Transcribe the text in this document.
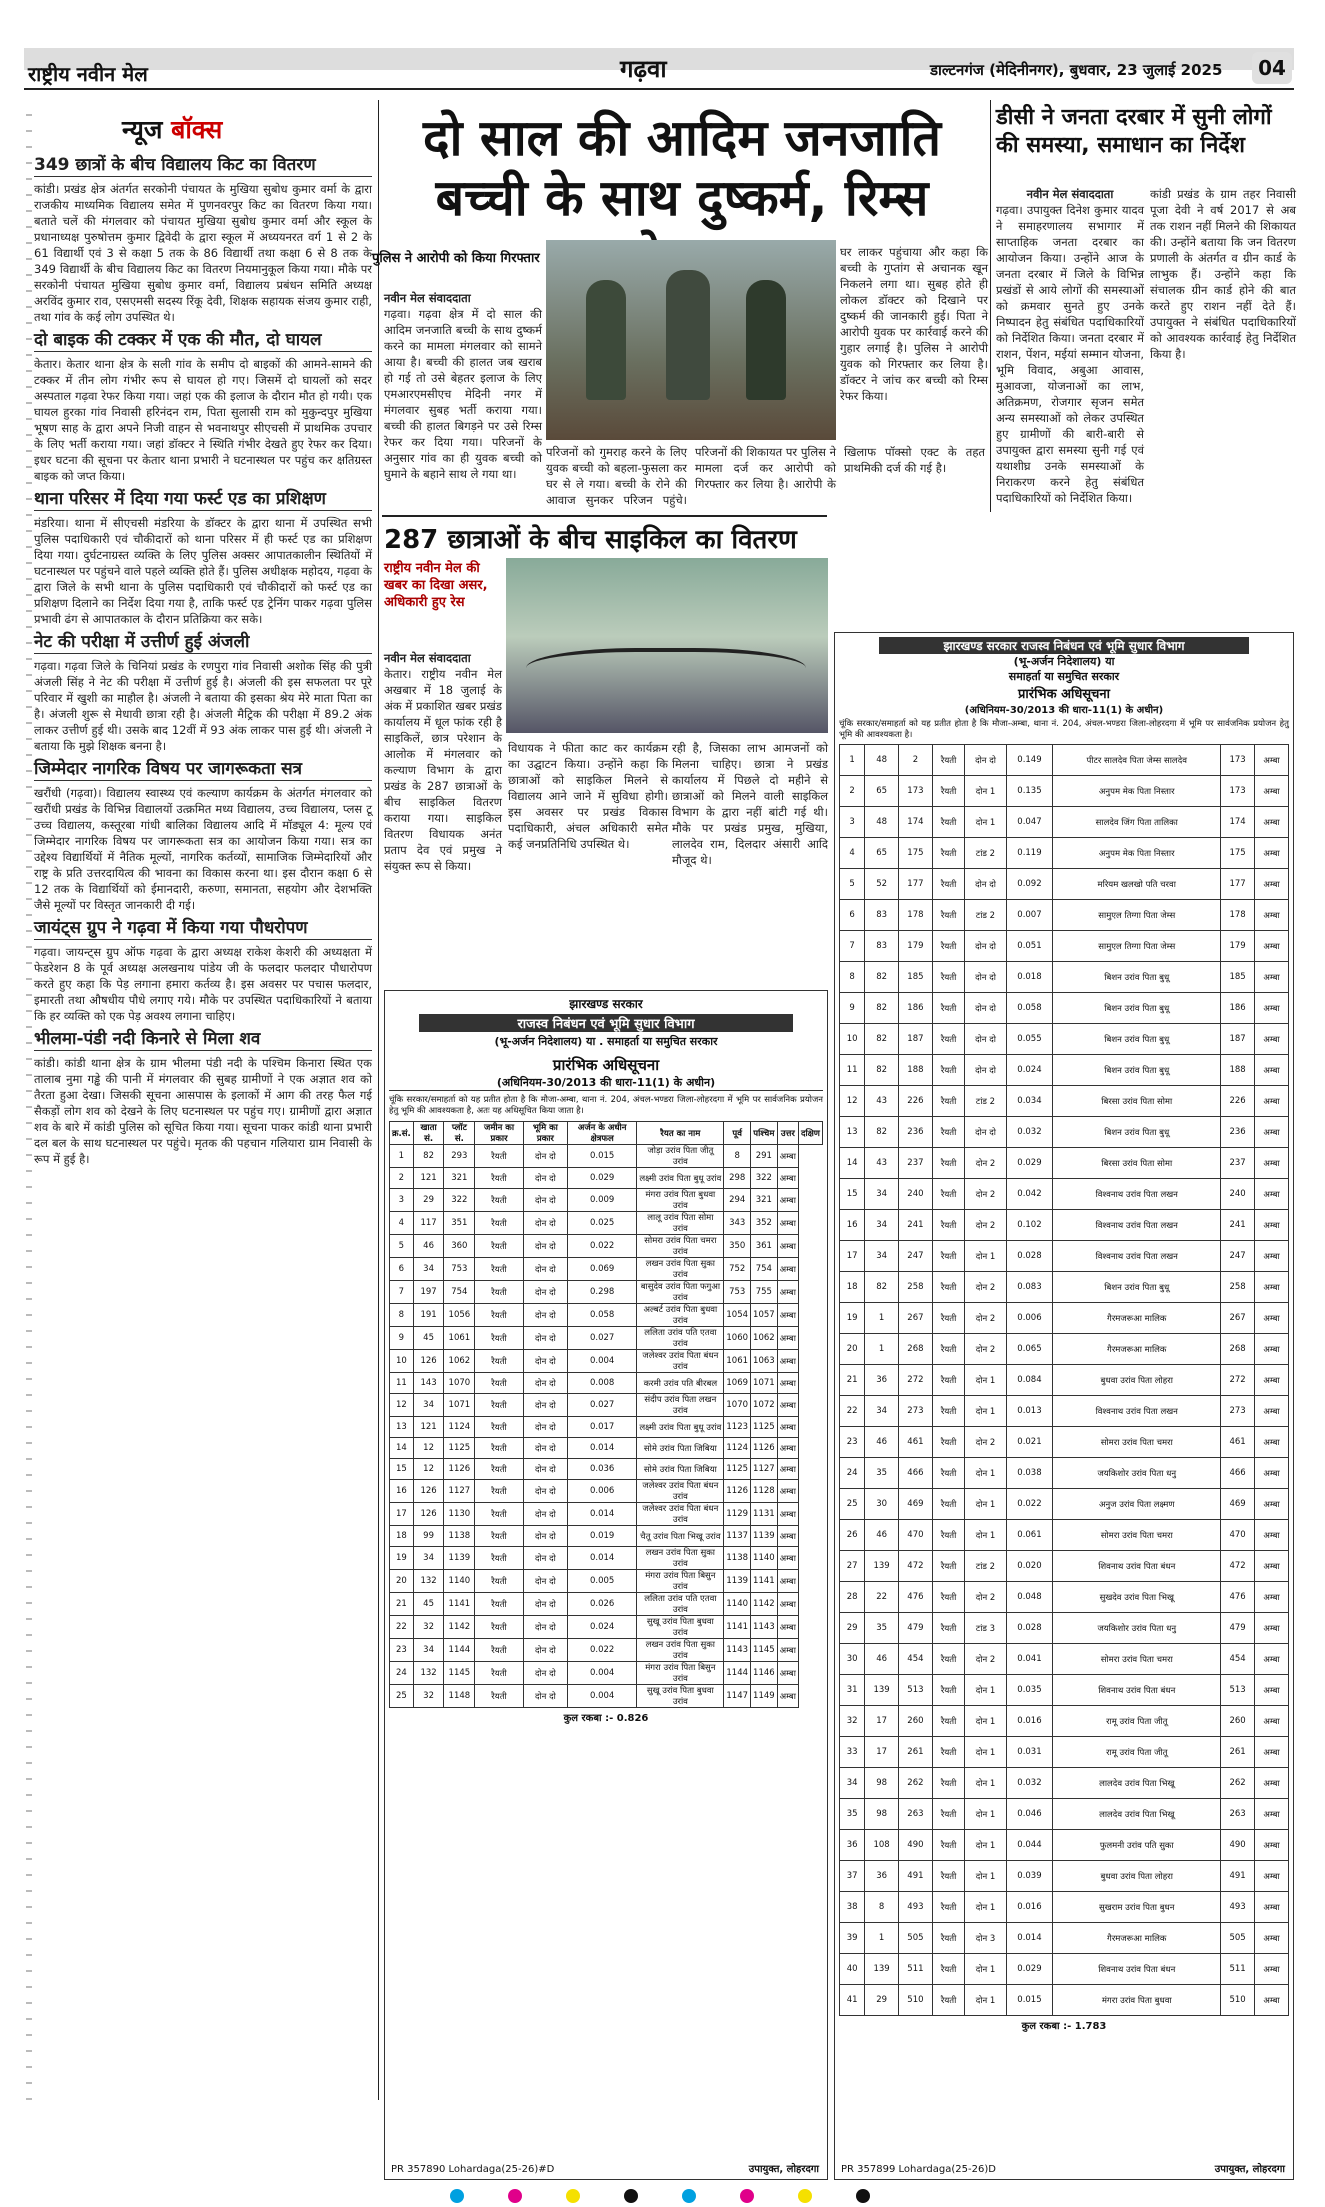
राष्ट्रीय नवीन मेल	गढ़वा	डाल्टनगंज (मेदिनीनगर), बुधवार, 23 जुलाई 2025	04
न्यूज बॉक्स
349 छात्रों के बीच विद्यालय किट का वितरण
कांडी। प्रखंड क्षेत्र अंतर्गत सरकोनी पंचायत के मुखिया सुबोध कुमार वर्मा के द्वारा राजकीय माध्यमिक विद्यालय समेत में पुणनवरपुर किट का वितरण किया गया। बताते चलें की मंगलवार को पंचायत मुखिया सुबोध कुमार वर्मा और स्कूल के प्रधानाध्यक्ष पुरुषोत्तम कुमार द्विवेदी के द्वारा स्कूल में अध्ययनरत वर्ग 1 से 2 के 61 विद्यार्थी एवं 3 से कक्षा 5 तक के 86 विद्यार्थी तथा कक्षा 6 से 8 तक के 349 विद्यार्थी के बीच विद्यालय किट का वितरण नियमानुकूल किया गया। मौके पर सरकोनी पंचायत मुखिया सुबोध कुमार वर्मा, विद्यालय प्रबंधन समिति अध्यक्ष अरविंद कुमार राव, एसएमसी सदस्य रिंकू देवी, शिक्षक सहायक संजय कुमार राही, तथा गांव के कई लोग उपस्थित थे।
दो बाइक की टक्कर में एक की मौत, दो घायल
केतार। केतार थाना क्षेत्र के सली गांव के समीप दो बाइकों की आमने-सामने की टक्कर में तीन लोग गंभीर रूप से घायल हो गए। जिसमें दो घायलों को सदर अस्पताल गढ़वा रेफर किया गया। जहां एक की इलाज के दौरान मौत हो गयी। एक घायल हुरका गांव निवासी हरिनंदन राम, पिता सुलासी राम को मुकुन्दपुर मुखिया भूषण साह के द्वारा अपने निजी वाहन से भवनाथपुर सीएचसी में प्राथमिक उपचार के लिए भर्ती कराया गया। जहां डॉक्टर ने स्थिति गंभीर देखते हुए रेफर कर दिया। इधर घटना की सूचना पर केतार थाना प्रभारी ने घटनास्थल पर पहुंच कर क्षतिग्रस्त बाइक को जप्त किया।
थाना परिसर में दिया गया फर्स्ट एड का प्रशिक्षण
मंडरिया। थाना में सीएचसी मंडरिया के डॉक्टर के द्वारा थाना में उपस्थित सभी पुलिस पदाधिकारी एवं चौकीदारों को थाना परिसर में ही फर्स्ट एड का प्रशिक्षण दिया गया। दुर्घटनाग्रस्त व्यक्ति के लिए पुलिस अक्सर आपातकालीन स्थितियों में घटनास्थल पर पहुंचने वाले पहले व्यक्ति होते हैं। पुलिस अधीक्षक महोदय, गढ़वा के द्वारा जिले के सभी थाना के पुलिस पदाधिकारी एवं चौकीदारों को फर्स्ट एड का प्रशिक्षण दिलाने का निर्देश दिया गया है, ताकि फर्स्ट एड ट्रेनिंग पाकर गढ़वा पुलिस प्रभावी ढंग से आपातकाल के दौरान प्रतिक्रिया कर सके।
नेट की परीक्षा में उत्तीर्ण हुई अंजली
गढ़वा। गढ़वा जिले के चिनियां प्रखंड के रणपुरा गांव निवासी अशोक सिंह की पुत्री अंजली सिंह ने नेट की परीक्षा में उत्तीर्ण हुई है। अंजली की इस सफलता पर पूरे परिवार में खुशी का माहौल है। अंजली ने बताया की इसका श्रेय मेरे माता पिता का है। अंजली शुरू से मेधावी छात्रा रही है। अंजली मैट्रिक की परीक्षा में 89.2 अंक लाकर उत्तीर्ण हुई थी। उसके बाद 12वीं में 93 अंक लाकर पास हुई थी। अंजली ने बताया कि मुझे शिक्षक बनना है।
जिम्मेदार नागरिक विषय पर जागरूकता सत्र
खरौंधी (गढ़वा)। विद्यालय स्वास्थ्य एवं कल्याण कार्यक्रम के अंतर्गत मंगलवार को खरौंधी प्रखंड के विभिन्न विद्यालयों उत्क्रमित मध्य विद्यालय, उच्च विद्यालय, प्लस टू उच्च विद्यालय, कस्तूरबा गांधी बालिका विद्यालय आदि में मॉड्यूल 4: मूल्य एवं जिम्मेदार नागरिक विषय पर जागरूकता सत्र का आयोजन किया गया। सत्र का उद्देश्य विद्यार्थियों में नैतिक मूल्यों, नागरिक कर्तव्यों, सामाजिक जिम्मेदारियों और राष्ट्र के प्रति उत्तरदायित्व की भावना का विकास करना था। इस दौरान कक्षा 6 से 12 तक के विद्यार्थियों को ईमानदारी, करुणा, समानता, सहयोग और देशभक्ति जैसे मूल्यों पर विस्तृत जानकारी दी गई।
जायंट्स ग्रुप ने गढ़वा में किया गया पौधरोपण
गढ़वा। जायन्ट्स ग्रुप ऑफ गढ़वा के द्वारा अध्यक्ष राकेश केशरी की अध्यक्षता में फेडरेशन 8 के पूर्व अध्यक्ष अलखनाथ पांडेय जी के फलदार फलदार पौधारोपण करते हुए कहा कि पेड़ लगाना हमारा कर्तव्य है। इस अवसर पर पचास फलदार, इमारती तथा औषधीय पौधे लगाए गये। मौके पर उपस्थित पदाधिकारियों ने बताया कि हर व्यक्ति को एक पेड़ अवश्य लगाना चाहिए।
भीलमा-पंडी नदी किनारे से मिला शव
कांडी। कांडी थाना क्षेत्र के ग्राम भीलमा पंडी नदी के पश्चिम किनारा स्थित एक तालाब नुमा गड्ढे की पानी में मंगलवार की सुबह ग्रामीणों ने एक अज्ञात शव को तैरता हुआ देखा। जिसकी सूचना आसपास के इलाकों में आग की तरह फैल गई सैकड़ों लोग शव को देखने के लिए घटनास्थल पर पहुंच गए। ग्रामीणों द्वारा अज्ञात शव के बारे में कांडी पुलिस को सूचित किया गया। सूचना पाकर कांडी थाना प्रभारी दल बल के साथ घटनास्थल पर पहुंचे। मृतक की पहचान गलियारा ग्राम निवासी के रूप में हुई है।
दो साल की आदिम जनजाति
बच्ची के साथ दुष्कर्म, रिम्स
पुलिस ने आरोपी को किया गिरफ्तार
नवीन मेल संवाददाता
गढ़वा। गढ़वा क्षेत्र में दो साल की आदिम जनजाति बच्ची के साथ दुष्कर्म करने का मामला मंगलवार को सामने आया है। बच्ची की हालत जब खराब हो गई तो उसे बेहतर इलाज के लिए एमआरएमसीएच मेदिनी नगर में मंगलवार सुबह भर्ती कराया गया। बच्ची की हालत बिगड़ने पर उसे रिम्स रेफर कर दिया गया। परिजनों के अनुसार गांव का ही युवक बच्ची को घुमाने के बहाने साथ ले गया था।
परिजनों को गुमराह करने के लिए युवक बच्ची को बहला-फुसला कर घर से ले गया। बच्ची के रोने की आवाज सुनकर परिजन पहुंचे। परिजनों की शिकायत पर पुलिस ने मामला दर्ज कर आरोपी को गिरफ्तार कर लिया है। आरोपी के खिलाफ पॉक्सो एक्ट के तहत प्राथमिकी दर्ज की गई है।
घर लाकर पहुंचाया और कहा कि बच्ची के गुप्तांग से अचानक खून निकलने लगा था। सुबह होते ही लोकल डॉक्टर को दिखाने पर दुष्कर्म की जानकारी हुई। पिता ने आरोपी युवक पर कार्रवाई करने की गुहार लगाई है। पुलिस ने आरोपी युवक को गिरफ्तार कर लिया है। डॉक्टर ने जांच कर बच्ची को रिम्स रेफर किया।
डीसी ने जनता दरबार में सुनी लोगों की समस्या, समाधान का निर्देश
नवीन मेल संवाददाता
गढ़वा। उपायुक्त दिनेश कुमार यादव ने समाहरणालय सभागार में साप्ताहिक जनता दरबार का आयोजन किया। उन्होंने आज के जनता दरबार में जिले के विभिन्न प्रखंडों से आये लोगों की समस्याओं को क्रमवार सुनते हुए उनके निष्पादन हेतु संबंधित पदाधिकारियों को निर्देशित किया। जनता दरबार में राशन, पेंशन, मईयां सम्मान योजना, भूमि विवाद, अबुआ आवास, मुआवजा, योजनाओं का लाभ, अतिक्रमण, रोजगार सृजन समेत अन्य समस्याओं को लेकर उपस्थित हुए ग्रामीणों की बारी-बारी से उपायुक्त द्वारा समस्या सुनी गई एवं यथाशीघ्र उनके समस्याओं के निराकरण करने हेतु संबंधित पदाधिकारियों को निर्देशित किया।
कांडी प्रखंड के ग्राम तहर निवासी पूजा देवी ने वर्ष 2017 से अब तक राशन नहीं मिलने की शिकायत की। उन्होंने बताया कि जन वितरण प्रणाली के अंतर्गत व ग्रीन कार्ड के लाभुक हैं। उन्होंने कहा कि संचालक ग्रीन कार्ड होने की बात करते हुए राशन नहीं देते हैं। उपायुक्त ने संबंधित पदाधिकारियों को आवश्यक कार्रवाई हेतु निर्देशित किया है।
287 छात्राओं के बीच साइकिल का वितरण
राष्ट्रीय नवीन मेल की खबर का दिखा असर, अधिकारी हुए रेस
नवीन मेल संवाददाता
केतार। राष्ट्रीय नवीन मेल अखबार में 18 जुलाई के अंक में प्रकाशित खबर प्रखंड कार्यालय में धूल फांक रही है साइकिलें, छात्र परेशान के आलोक में मंगलवार को कल्याण विभाग के द्वारा प्रखंड के 287 छात्राओं के बीच साइकिल वितरण कराया गया। साइकिल वितरण विधायक अनंत प्रताप देव एवं प्रमुख ने संयुक्त रूप से किया।
विधायक ने फीता काट कर कार्यक्रम का उद्घाटन किया। उन्होंने कहा कि छात्राओं को साइकिल मिलने से विद्यालय आने जाने में सुविधा होगी। इस अवसर पर प्रखंड विकास पदाधिकारी, अंचल अधिकारी समेत कई जनप्रतिनिधि उपस्थित थे।
रही है, जिसका लाभ आमजनों को मिलना चाहिए। छात्रा ने प्रखंड कार्यालय में पिछले दो महीने से छात्राओं को मिलने वाली साइकिल विभाग के द्वारा नहीं बांटी गई थी। मौके पर प्रखंड प्रमुख, मुखिया, लालदेव राम, दिलदार अंसारी आदि मौजूद थे।
झारखण्ड सरकार
राजस्व निबंधन एवं भूमि सुधार विभाग
(भू-अर्जन निदेशालय) या . समाहर्ता या समुचित सरकार
प्रारंभिक अधिसूचना
(अधिनियम-30/2013 की धारा-11(1) के अधीन)
चूंकि सरकार/समाहर्ता को यह प्रतीत होता है कि मौजा-अम्बा, थाना नं. 204, अंचल-भण्डरा जिला-लोहरदगा में भूमि पर सार्वजनिक प्रयोजन हेतु भूमि की आवश्यकता है, अतः यह अधिसूचित किया जाता है।
क्र.सं.	खाता सं.	प्लॉट सं.	जमीन का प्रकार	भूमि का प्रकार	अर्जन के अधीन क्षेत्रफल	रैयत का नाम	पूर्व	पश्चिम	उत्तर	दक्षिण
1	82	293	रैयती	दोन दो	0.015	जोड़ा उरांव पिता जीतू उरांव	8	291	अम्बा	
2	121	321	रैयती	दोन दो	0.029	लक्ष्मी उरांव पिता बुधू उरांव	298	322	अम्बा	
3	29	322	रैयती	दोन दो	0.009	मंगरा उरांव पिता बुधवा उरांव	294	321	अम्बा	
4	117	351	रैयती	दोन दो	0.025	लालू उरांव पिता सोमा उरांव	343	352	अम्बा	
5	46	360	रैयती	दोन दो	0.022	सोमरा उरांव पिता चमरा उरांव	350	361	अम्बा	
6	34	753	रैयती	दोन दो	0.069	लखन उरांव पिता सुका उरांव	752	754	अम्बा	
7	197	754	रैयती	दोन दो	0.298	बासुदेव उरांव पिता फगुआ उरांव	753	755	अम्बा	
8	191	1056	रैयती	दोन दो	0.058	अल्बर्ट उरांव पिता बुधवा उरांव	1054	1057	अम्बा	
9	45	1061	रैयती	दोन दो	0.027	ललिता उरांव पति एतवा उरांव	1060	1062	अम्बा	
10	126	1062	रैयती	दोन दो	0.004	जलेश्वर उरांव पिता बंधन उरांव	1061	1063	अम्बा	
11	143	1070	रैयती	दोन दो	0.008	करमी उरांव पति बीरबल	1069	1071	अम्बा	
12	34	1071	रैयती	दोन दो	0.027	संदीप उरांव पिता लखन उरांव	1070	1072	अम्बा	
13	121	1124	रैयती	दोन दो	0.017	लक्ष्मी उरांव पिता बुधू उरांव	1123	1125	अम्बा	
14	12	1125	रैयती	दोन दो	0.014	सोमे उरांव पिता जिबिया	1124	1126	अम्बा	
15	12	1126	रैयती	दोन दो	0.036	सोमे उरांव पिता जिबिया	1125	1127	अम्बा	
16	126	1127	रैयती	दोन दो	0.006	जलेश्वर उरांव पिता बंधन उरांव	1126	1128	अम्बा	
17	126	1130	रैयती	दोन दो	0.014	जलेश्वर उरांव पिता बंधन उरांव	1129	1131	अम्बा	
18	99	1138	रैयती	दोन दो	0.019	चैतू उरांव पिता भिखू उरांव	1137	1139	अम्बा	
19	34	1139	रैयती	दोन दो	0.014	लखन उरांव पिता सुका उरांव	1138	1140	अम्बा	
20	132	1140	रैयती	दोन दो	0.005	मंगरा उरांव पिता बिसुन उरांव	1139	1141	अम्बा	
21	45	1141	रैयती	दोन दो	0.026	ललिता उरांव पति एतवा उरांव	1140	1142	अम्बा	
22	32	1142	रैयती	दोन दो	0.024	सुखू उरांव पिता बुधवा उरांव	1141	1143	अम्बा	
23	34	1144	रैयती	दोन दो	0.022	लखन उरांव पिता सुका उरांव	1143	1145	अम्बा	
24	132	1145	रैयती	दोन दो	0.004	मंगरा उरांव पिता बिसुन उरांव	1144	1146	अम्बा	
25	32	1148	रैयती	दोन दो	0.004	सुखू उरांव पिता बुधवा उरांव	1147	1149	अम्बा	
कुल रकबा :- 0.826
PR 357890 Lohardaga(25-26)#D	उपायुक्त, लोहरदगा
झारखण्ड सरकार राजस्व निबंधन एवं भूमि सुधार विभाग
(भू-अर्जन निदेशालय) या
समाहर्ता या समुचित सरकार
प्रारंभिक अधिसूचना
(अधिनियम-30/2013 की धारा-11(1) के अधीन)
चूंकि सरकार/समाहर्ता को यह प्रतीत होता है कि मौजा-अम्बा, थाना नं. 204, अंचल-भण्डरा जिला-लोहरदगा में भूमि पर सार्वजनिक प्रयोजन हेतु भूमि की आवश्यकता है।
1	48	2	रैयती	दोन दो	0.149	पीटर सालदेव पिता जेम्स सालदेव	173	अम्बा
2	65	173	रैयती	दोन 1	0.135	अनुपम मेक पिता निस्तार	173	अम्बा
3	48	174	रैयती	दोन 1	0.047	सालदेव जिंग पिता तालिका	174	अम्बा
4	65	175	रैयती	टांड 2	0.119	अनुपम मेक पिता निस्तार	175	अम्बा
5	52	177	रैयती	दोन दो	0.092	मरियम खलखो पति चरवा	177	अम्बा
6	83	178	रैयती	टांड 2	0.007	सामुएल तिग्गा पिता जेम्स	178	अम्बा
7	83	179	रैयती	दोन दो	0.051	सामुएल तिग्गा पिता जेम्स	179	अम्बा
8	82	185	रैयती	दोन दो	0.018	बिशन उरांव पिता बुधू	185	अम्बा
9	82	186	रैयती	दोन दो	0.058	बिशन उरांव पिता बुधू	186	अम्बा
10	82	187	रैयती	दोन दो	0.055	बिशन उरांव पिता बुधू	187	अम्बा
11	82	188	रैयती	दोन दो	0.024	बिशन उरांव पिता बुधू	188	अम्बा
12	43	226	रैयती	टांड 2	0.034	बिरसा उरांव पिता सोमा	226	अम्बा
13	82	236	रैयती	दोन दो	0.032	बिशन उरांव पिता बुधू	236	अम्बा
14	43	237	रैयती	दोन 2	0.029	बिरसा उरांव पिता सोमा	237	अम्बा
15	34	240	रैयती	दोन 2	0.042	विश्वनाथ उरांव पिता लखन	240	अम्बा
16	34	241	रैयती	दोन 2	0.102	विश्वनाथ उरांव पिता लखन	241	अम्बा
17	34	247	रैयती	दोन 1	0.028	विश्वनाथ उरांव पिता लखन	247	अम्बा
18	82	258	रैयती	दोन 2	0.083	बिशन उरांव पिता बुधू	258	अम्बा
19	1	267	रैयती	दोन 2	0.006	गैरमजरूआ मालिक	267	अम्बा
20	1	268	रैयती	दोन 2	0.065	गैरमजरूआ मालिक	268	अम्बा
21	36	272	रैयती	दोन 1	0.084	बुधवा उरांव पिता लोहरा	272	अम्बा
22	34	273	रैयती	दोन 1	0.013	विश्वनाथ उरांव पिता लखन	273	अम्बा
23	46	461	रैयती	दोन 2	0.021	सोमरा उरांव पिता चमरा	461	अम्बा
24	35	466	रैयती	दोन 1	0.038	जयकिशोर उरांव पिता धनु	466	अम्बा
25	30	469	रैयती	दोन 1	0.022	अनुज उरांव पिता लक्ष्मण	469	अम्बा
26	46	470	रैयती	दोन 1	0.061	सोमरा उरांव पिता चमरा	470	अम्बा
27	139	472	रैयती	टांड 2	0.020	शिवनाथ उरांव पिता बंधन	472	अम्बा
28	22	476	रैयती	दोन 2	0.048	सुखदेव उरांव पिता भिखू	476	अम्बा
29	35	479	रैयती	टांड 3	0.028	जयकिशोर उरांव पिता धनु	479	अम्बा
30	46	454	रैयती	दोन 2	0.041	सोमरा उरांव पिता चमरा	454	अम्बा
31	139	513	रैयती	दोन 1	0.035	शिवनाथ उरांव पिता बंधन	513	अम्बा
32	17	260	रैयती	दोन 1	0.016	रामू उरांव पिता जीतू	260	अम्बा
33	17	261	रैयती	दोन 1	0.031	रामू उरांव पिता जीतू	261	अम्बा
34	98	262	रैयती	दोन 1	0.032	लालदेव उरांव पिता भिखू	262	अम्बा
35	98	263	रैयती	दोन 1	0.046	लालदेव उरांव पिता भिखू	263	अम्बा
36	108	490	रैयती	दोन 1	0.044	फुलमनी उरांव पति सुका	490	अम्बा
37	36	491	रैयती	दोन 1	0.039	बुधवा उरांव पिता लोहरा	491	अम्बा
38	8	493	रैयती	दोन 1	0.016	सुखराम उरांव पिता बुधन	493	अम्बा
39	1	505	रैयती	दोन 3	0.014	गैरमजरूआ मालिक	505	अम्बा
40	139	511	रैयती	दोन 1	0.029	शिवनाथ उरांव पिता बंधन	511	अम्बा
41	29	510	रैयती	दोन 1	0.015	मंगरा उरांव पिता बुधवा	510	अम्बा
कुल रकबा :- 1.783
PR 357899 Lohardaga(25-26)D	उपायुक्त, लोहरदगा
